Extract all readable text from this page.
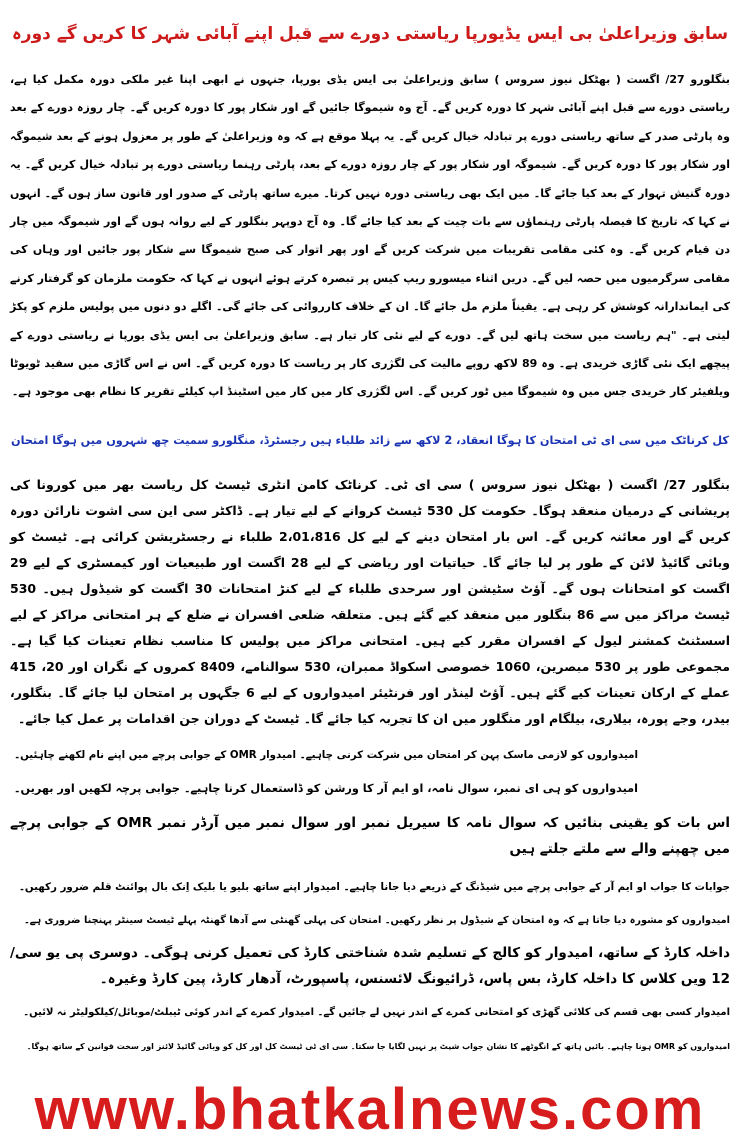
سابق وزیراعلیٰ بی ایس یڈیورپا ریاستی دورے سے قبل اپنے آبائی شہر کا کریں گے دورہ
بنگلورو 27/ اگست ( بھٹکل نیوز سروس ) سابق وزیراعلیٰ بی ایس یڈی یورپا، جنہوں نے ابھی اپنا غیر ملکی دورہ مکمل کیا ہے، ریاستی دورے سے قبل اپنے آبائی شہر کا دورہ کریں گے۔ آج وہ شیموگا جائیں گے اور شکار پور کا دورہ کریں گے۔ چار روزہ دورے کے بعد وہ پارٹی صدر کے ساتھ ریاستی دورے پر تبادلہ خیال کریں گے۔ یہ پہلا موقع ہے کہ وہ وزیراعلیٰ کے طور پر معزول ہونے کے بعد شیموگہ اور شکار پور کا دورہ کریں گے۔ شیموگہ اور شکار پور کے چار روزہ دورے کے بعد، پارٹی رہنما ریاستی دورے پر تبادلہ خیال کریں گے۔ یہ دورہ گنیش تہوار کے بعد کیا جائے گا۔ میں ایک بھی ریاستی دورہ نہیں کرتا۔ میرے ساتھ پارٹی کے صدور اور قانون ساز ہوں گے۔ انہوں نے کہا کہ تاریخ کا فیصلہ پارٹی رہنماؤں سے بات چیت کے بعد کیا جائے گا۔ وہ آج دوپہر بنگلور کے لیے روانہ ہوں گے اور شیموگہ میں چار دن قیام کریں گے۔ وہ کئی مقامی تقریبات میں شرکت کریں گے اور پھر اتوار کی صبح شیموگا سے شکار پور جائیں اور وہاں کی مقامی سرگرمیوں میں حصہ لیں گے۔ دریں اثناء میسورو ریپ کیس پر تبصرہ کرتے ہوئے انہوں نے کہا کہ حکومت ملزمان کو گرفتار کرنے کی ایماندارانہ کوشش کر رہی ہے۔ یقیناً ملزم مل جائے گا۔ ان کے خلاف کارروائی کی جائے گی۔ اگلے دو دنوں میں پولیس ملزم کو پکڑ لیتی ہے۔ "ہم ریاست میں سخت ہاتھ لیں گے۔ دورے کے لیے نئی کار تیار ہے۔ سابق وزیراعلیٰ بی ایس یڈی یورپا نے ریاستی دورے کے پیچھے ایک نئی گاڑی خریدی ہے۔ وہ 89 لاکھ روپے مالیت کی لگژری کار پر ریاست کا دورہ کریں گے۔ اس نے اس گاڑی میں سفید ٹویوٹا ویلفیئر کار خریدی جس میں وہ شیموگا میں ٹور کریں گے۔ اس لگژری کار میں کار میں اسٹینڈ اپ کیلئے تقریر کا نظام بھی موجود ہے۔
کل کرناٹک میں سی ای ٹی امتحان کا ہوگا انعقاد، 2 لاکھ سے زائد طلباء ہیں رجسٹرڈ، منگلورو سمیت چھ شہروں میں ہوگا امتحان
بنگلور 27/ اگست ( بھٹکل نیوز سروس ) سی ای ٹی۔ کرناٹک کامن انٹری ٹیسٹ کل ریاست بھر میں کورونا کی پریشانی کے درمیان منعقد ہوگا۔ حکومت کل 530 ٹیسٹ کروانے کے لیے تیار ہے۔ ڈاکٹر سی این سی اشوت نارائن دورہ کریں گے اور معائنہ کریں گے۔ اس بار امتحان دینے کے لیے کل 2،01،816 طلباء نے رجسٹریشن کرائی ہے۔ ٹیسٹ کو وبائی گائیڈ لائن کے طور پر لیا جائے گا۔ حیاتیات اور ریاضی کے لیے 28 اگست اور طبیعیات اور کیمسٹری کے لیے 29 اگست کو امتحانات ہوں گے۔ آؤٹ سٹیشن اور سرحدی طلباء کے لیے کنڑ امتحانات 30 اگست کو شیڈول ہیں۔ 530 ٹیسٹ مراکز میں سے 86 بنگلور میں منعقد کیے گئے ہیں۔ متعلقہ ضلعی افسران نے ضلع کے ہر امتحانی مراکز کے لیے اسسٹنٹ کمشنر لیول کے افسران مقرر کیے ہیں۔ امتحانی مراکز میں پولیس کا مناسب نظام تعینات کیا گیا ہے۔ مجموعی طور پر 530 مبصرین، 1060 خصوصی اسکواڈ ممبران، 530 سوالنامے، 8409 کمروں کے نگران اور 20، 415 عملے کے ارکان تعینات کیے گئے ہیں۔ آؤٹ لینڈر اور فرنٹیئر امیدواروں کے لیے 6 جگہوں پر امتحان لیا جائے گا۔ بنگلور، بیدر، وجے پورہ، بیلاری، بیلگام اور منگلور میں ان کا تجربہ کیا جائے گا۔ ٹیسٹ کے دوران جن اقدامات پر عمل کیا جائے۔
امیدواروں کو لازمی ماسک پہن کر امتحان میں شرکت کرنی چاہیے۔ امیدوار OMR کے جوابی پرچے میں اپنے نام لکھنے چاہئیں۔
امیدواروں کو ہی ای نمبر، سوال نامہ، او ایم آر کا ورشن کو ڈاستعمال کرنا چاہیے۔ جوابی پرچہ لکھیں اور بھریں۔
اس بات کو یقینی بنائیں کہ سوال نامہ کا سیریل نمبر اور سوال نمبر میں آرڈر نمبر OMR کے جوابی پرچے میں چھپنے والے سے ملتے جلتے ہیں
جوابات کا جواب او ایم آر کے جوابی پرچے میں شیڈنگ کے ذریعے دیا جانا چاہیے۔ امیدوار اپنے ساتھ بلیو یا بلیک اِنک بال پوائنٹ قلم ضرور رکھیں۔
امیدواروں کو مشورہ دیا جاتا ہے کہ وہ امتحان کے شیڈول پر نظر رکھیں۔ امتحان کی پہلی گھنٹی سے آدھا گھنٹہ پہلے ٹیسٹ سینٹر پہنچنا ضروری ہے۔
داخلہ کارڈ کے ساتھ، امیدوار کو کالج کے تسلیم شدہ شناختی کارڈ کی تعمیل کرنی ہوگی۔ دوسری پی یو سی/ 12 ویں کلاس کا داخلہ کارڈ، بس پاس، ڈرائیونگ لائسنس، پاسپورٹ، آدھار کارڈ، پین کارڈ وغیرہ۔
امیدوار کسی بھی قسم کی کلائی گھڑی کو امتحانی کمرے کے اندر نہیں لے جائیں گے۔ امیدوار کمرے کے اندر کوئی ٹیبلٹ/موبائل/کیلکولیٹر نہ لائیں۔
امیدواروں کو OMR ہونا چاہیے۔ بائیں ہاتھ کے انگوٹھے کا نشان جواب شیٹ پر نہیں لگایا جا سکتا۔ سی ای ٹی ٹیسٹ کل اور کل کو وبائی گائیڈ لائنز اور سخت قوانین کے ساتھ ہوگا۔
www.bhatkalnews.com
